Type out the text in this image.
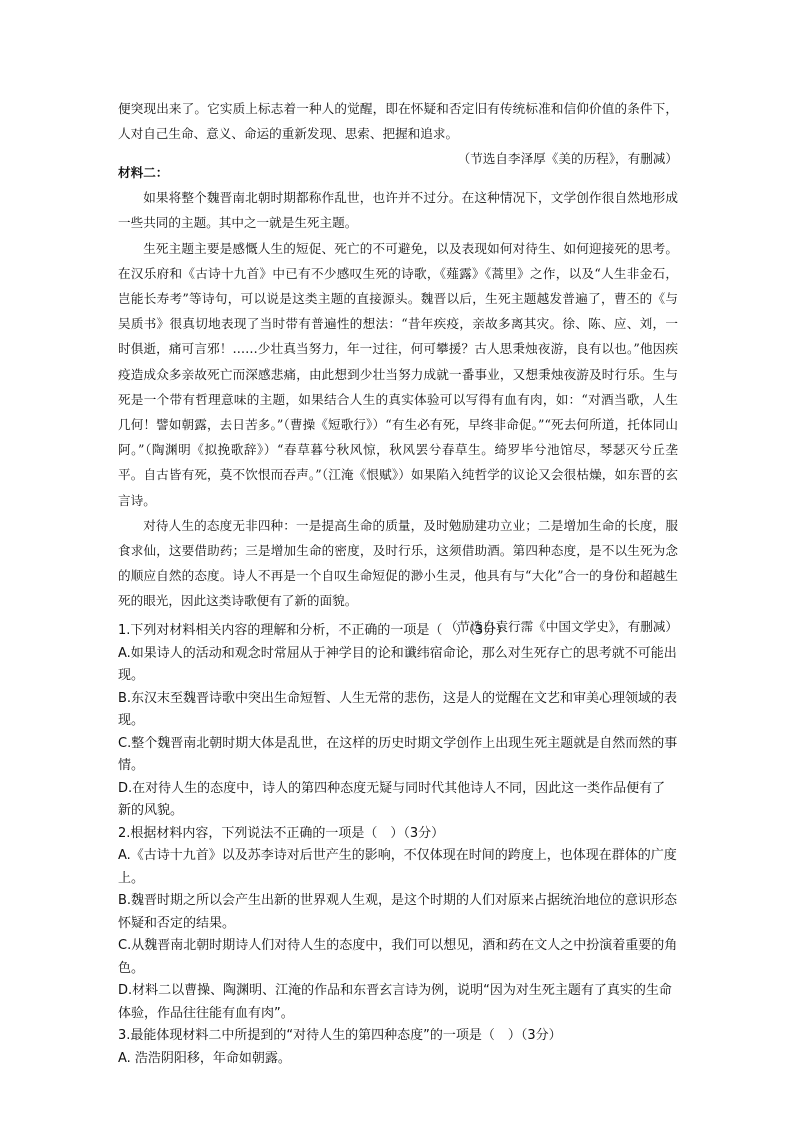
便突现出来了。它实质上标志着一种人的觉醒，即在怀疑和否定旧有传统标准和信仰价值的条件下，人对自己生命、意义、命运的重新发现、思索、把握和追求。

（节选自李泽厚《美的历程》，有删减）

材料二：

如果将整个魏晋南北朝时期都称作乱世，也许并不过分。在这种情况下，文学创作很自然地形成一些共同的主题。其中之一就是生死主题。

生死主题主要是感慨人生的短促、死亡的不可避免，以及表现如何对待生、如何迎接死的思考。在汉乐府和《古诗十九首》中已有不少感叹生死的诗歌，《薤露》《蒿里》之作，以及“人生非金石，岂能长寿考”等诗句，可以说是这类主题的直接源头。魏晋以后，生死主题越发普遍了，曹丕的《与吴质书》很真切地表现了当时带有普遍性的想法：“昔年疾疫，亲故多离其灾。徐、陈、应、刘，一时俱逝，痛可言邪！……少壮真当努力，年一过往，何可攀援？古人思秉烛夜游，良有以也。”他因疾疫造成众多亲故死亡而深感悲痛，由此想到少壮当努力成就一番事业，又想秉烛夜游及时行乐。生与死是一个带有哲理意味的主题，如果结合人生的真实体验可以写得有血有肉，如：“对酒当歌，人生几何！譬如朝露，去日苦多。”（曹操《短歌行》）“有生必有死，早终非命促。”“死去何所道，托体同山阿。”（陶渊明《拟挽歌辞》）“春草暮兮秋风惊，秋风罢兮春草生。绮罗毕兮池馆尽，琴瑟灭兮丘垄平。自古皆有死，莫不饮恨而吞声。”（江淹《恨赋》）如果陷入纯哲学的议论又会很枯燥，如东晋的玄言诗。

对待人生的态度无非四种：一是提高生命的质量，及时勉励建功立业；二是增加生命的长度，服食求仙，这要借助药；三是增加生命的密度，及时行乐，这须借助酒。第四种态度，是不以生死为念的顺应自然的态度。诗人不再是一个自叹生命短促的渺小生灵，他具有与“大化”合一的身份和超越生死的眼光，因此这类诗歌便有了新的面貌。

（节选自袁行霈《中国文学史》，有删减）

1.下列对材料相关内容的理解和分析，不正确的一项是（　）（3分）

A.如果诗人的活动和观念时常屈从于神学目的论和谶纬宿命论，那么对生死存亡的思考就不可能出现。

B.东汉末至魏晋诗歌中突出生命短暂、人生无常的悲伤，这是人的觉醒在文艺和审美心理领域的表现。

C.整个魏晋南北朝时期大体是乱世，在这样的历史时期文学创作上出现生死主题就是自然而然的事情。

D.在对待人生的态度中，诗人的第四种态度无疑与同时代其他诗人不同，因此这一类作品便有了新的风貌。

2.根据材料内容，下列说法不正确的一项是（　）（3分）

A.《古诗十九首》以及苏李诗对后世产生的影响，不仅体现在时间的跨度上，也体现在群体的广度上。

B.魏晋时期之所以会产生出新的世界观人生观，是这个时期的人们对原来占据统治地位的意识形态怀疑和否定的结果。

C.从魏晋南北朝时期诗人们对待人生的态度中，我们可以想见，酒和药在文人之中扮演着重要的角色。

D.材料二以曹操、陶渊明、江淹的作品和东晋玄言诗为例，说明“因为对生死主题有了真实的生命体验，作品往往能有血有肉”。

3.最能体现材料二中所提到的“对待人生的第四种态度”的一项是（　）（3分）

A. 浩浩阴阳移，年命如朝露。
